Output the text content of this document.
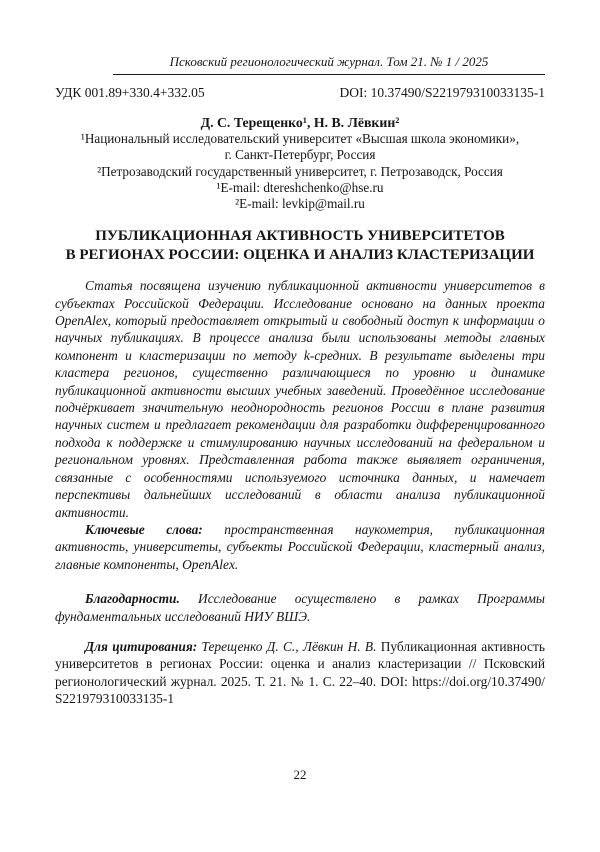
Псковский регионологический журнал. Том 21. № 1 / 2025
УДК 001.89+330.4+332.05	DOI: 10.37490/S221979310033135-1
Д. С. Терещенко¹, Н. В. Лёвкин²
¹Национальный исследовательский университет «Высшая школа экономики»,
г. Санкт-Петербург, Россия
²Петрозаводский государственный университет, г. Петрозаводск, Россия
¹E-mail: dtereshchenko@hse.ru
²E-mail: levkip@mail.ru
ПУБЛИКАЦИОННАЯ АКТИВНОСТЬ УНИВЕРСИТЕТОВ
В РЕГИОНАХ РОССИИ: ОЦЕНКА И АНАЛИЗ КЛАСТЕРИЗАЦИИ

Статья посвящена изучению публикационной активности университетов в субъектах Российской Федерации. Исследование основано на данных проекта OpenAlex, который предоставляет открытый и свободный доступ к информации о научных публикациях. В процессе анализа были использованы методы главных компонент и кластеризации по методу k-средних. В результате выделены три кластера регионов, существенно различающиеся по уровню и динамике публикационной активности высших учебных заведений. Проведённое исследование подчёркивает значительную неоднородность регионов России в плане развития научных систем и предлагает рекомендации для разработки дифференцированного подхода к поддержке и стимулированию научных исследований на федеральном и региональном уровнях. Представленная работа также выявляет ограничения, связанные с особенностями используемого источника данных, и намечает перспективы дальнейших исследований в области анализа публикационной активности.

Ключевые слова: пространственная наукометрия, публикационная активность, университеты, субъекты Российской Федерации, кластерный анализ, главные компоненты, OpenAlex.

Благодарности. Исследование осуществлено в рамках Программы фундаментальных исследований НИУ ВШЭ.

Для цитирования: Терещенко Д. С., Лёвкин Н. В. Публикационная активность университетов в регионах России: оценка и анализ кластеризации // Псковский регионологический журнал. 2025. Т. 21. № 1. С. 22–40. DOI: https://doi.org/10.37490/S221979310033135-1

22
